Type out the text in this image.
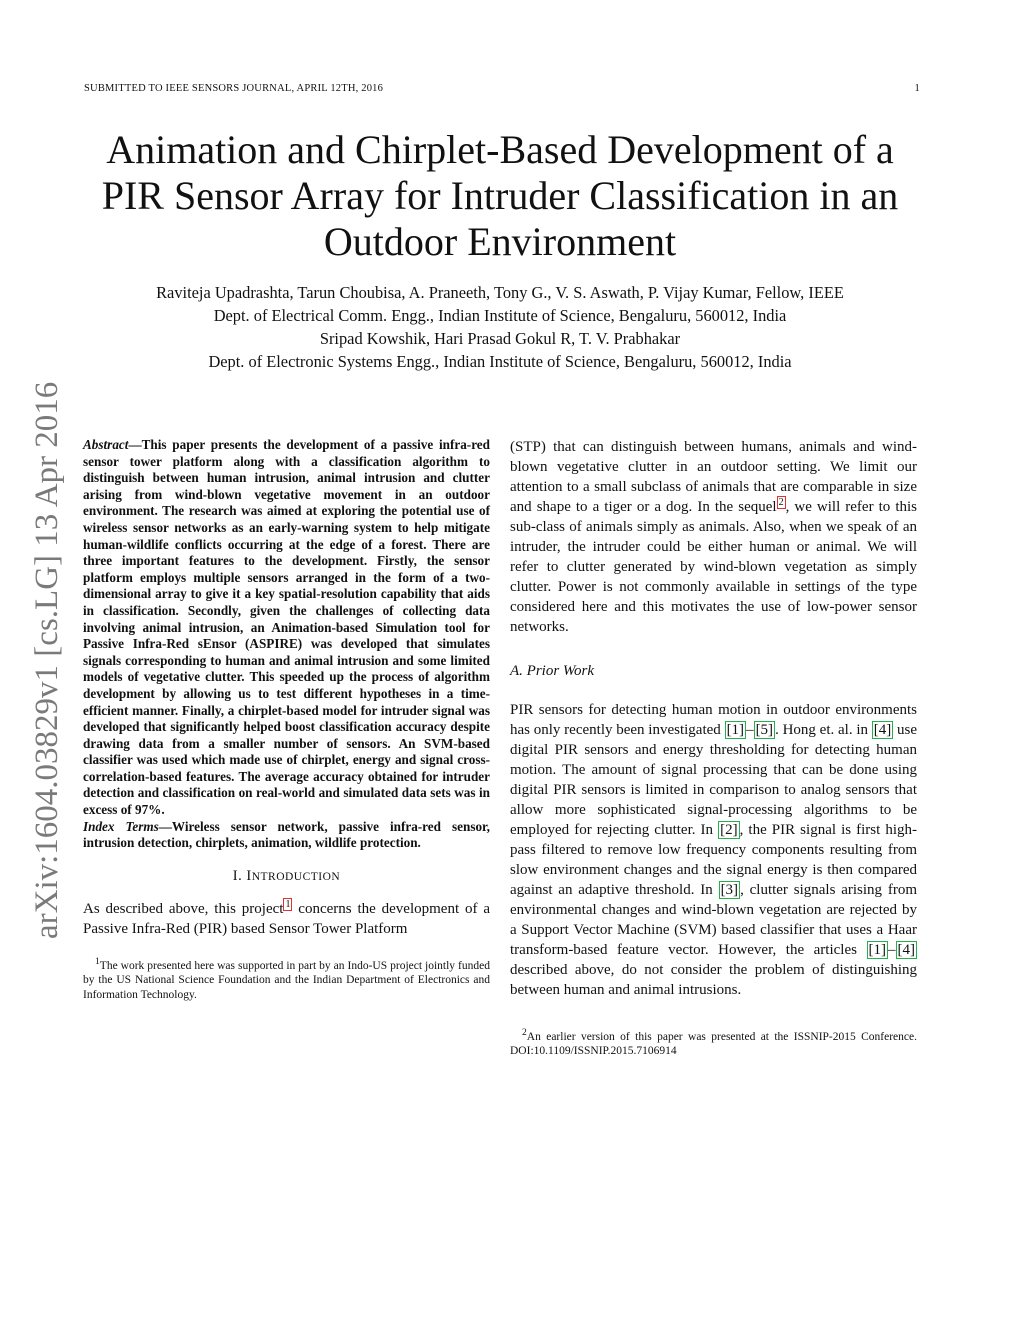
SUBMITTED TO IEEE SENSORS JOURNAL, APRIL 12TH, 2016	1
arXiv:1604.03829v1 [cs.LG] 13 Apr 2016
Animation and Chirplet-Based Development of a
PIR Sensor Array for Intruder Classification in an
Outdoor Environment
Raviteja Upadrashta, Tarun Choubisa, A. Praneeth, Tony G., V. S. Aswath, P. Vijay Kumar, Fellow, IEEE
Dept. of Electrical Comm. Engg., Indian Institute of Science, Bengaluru, 560012, India
Sripad Kowshik, Hari Prasad Gokul R, T. V. Prabhakar
Dept. of Electronic Systems Engg., Indian Institute of Science, Bengaluru, 560012, India

Abstract—This paper presents the development of a passive infra-red sensor tower platform along with a classification algorithm to distinguish between human intrusion, animal intrusion and clutter arising from wind-blown vegetative movement in an outdoor environment. The research was aimed at exploring the potential use of wireless sensor networks as an early-warning system to help mitigate human-wildlife conflicts occurring at the edge of a forest. There are three important features to the development. Firstly, the sensor platform employs multiple sensors arranged in the form of a two-dimensional array to give it a key spatial-resolution capability that aids in classification. Secondly, given the challenges of collecting data involving animal intrusion, an Animation-based Simulation tool for Passive Infra-Red sEnsor (ASPIRE) was developed that simulates signals corresponding to human and animal intrusion and some limited models of vegetative clutter. This speeded up the process of algorithm development by allowing us to test different hypotheses in a time-efficient manner. Finally, a chirplet-based model for intruder signal was developed that significantly helped boost classification accuracy despite drawing data from a smaller number of sensors. An SVM-based classifier was used which made use of chirplet, energy and signal cross-correlation-based features. The average accuracy obtained for intruder detection and classification on real-world and simulated data sets was in excess of 97%.

Index Terms—Wireless sensor network, passive infra-red sensor, intrusion detection, chirplets, animation, wildlife protection.

I. INTRODUCTION

As described above, this project $^1$ concerns the development of a Passive Infra-Red (PIR) based Sensor Tower Platform

$^1$The work presented here was supported in part by an Indo-US project jointly funded by the US National Science Foundation and the Indian Department of Electronics and Information Technology.

(STP) that can distinguish between humans, animals and wind-blown vegetative clutter in an outdoor setting. We limit our attention to a small subclass of animals that are comparable in size and shape to a tiger or a dog. In the sequel $^2$ , we will refer to this sub-class of animals simply as animals. Also, when we speak of an intruder, the intruder could be either human or animal. We will refer to clutter generated by wind-blown vegetation as simply clutter. Power is not commonly available in settings of the type considered here and this motivates the use of low-power sensor networks.

A. Prior Work

PIR sensors for detecting human motion in outdoor environments has only recently been investigated [1] – [5] . Hong et. al. in [4] use digital PIR sensors and energy thresholding for detecting human motion. The amount of signal processing that can be done using digital PIR sensors is limited in comparison to analog sensors that allow more sophisticated signal-processing algorithms to be employed for rejecting clutter. In [2] , the PIR signal is first high-pass filtered to remove low frequency components resulting from slow environment changes and the signal energy is then compared against an adaptive threshold. In [3] , clutter signals arising from environmental changes and wind-blown vegetation are rejected by a Support Vector Machine (SVM) based classifier that uses a Haar transform-based feature vector. However, the articles [1] – [4] described above, do not consider the problem of distinguishing between human and animal intrusions.

$^2$An earlier version of this paper was presented at the ISSNIP-2015 Conference. DOI:10.1109/ISSNIP.2015.7106914
